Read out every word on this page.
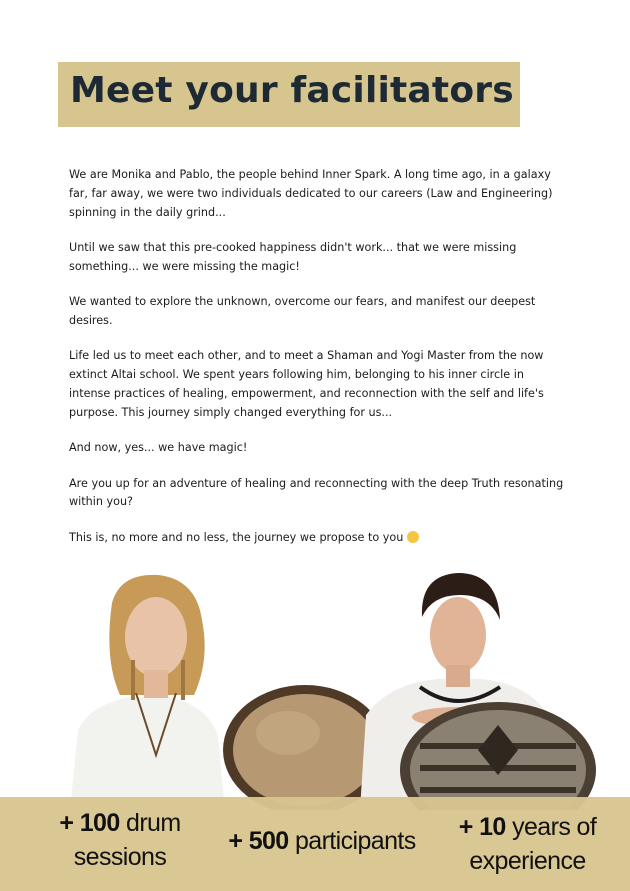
Meet your facilitators

We are Monika and Pablo, the people behind Inner Spark. A long time ago, in a galaxy far, far away, we were two individuals dedicated to our careers (Law and Engineering) spinning in the daily grind...

Until we saw that this pre-cooked happiness didn't work... that we were missing something... we were missing the magic!

We wanted to explore the unknown, overcome our fears, and manifest our deepest desires.

Life led us to meet each other, and to meet a Shaman and Yogi Master from the now extinct Altai school. We spent years following him, belonging to his inner circle in intense practices of healing, empowerment, and reconnection with the self and life's purpose. This journey simply changed everything for us...

And now, yes... we have magic!

Are you up for an adventure of healing and reconnecting with the deep Truth resonating within you?

This is, no more and no less, the journey we propose to you

+ 100 drum
sessions
+ 500 participants	+ 10 years of
experience
